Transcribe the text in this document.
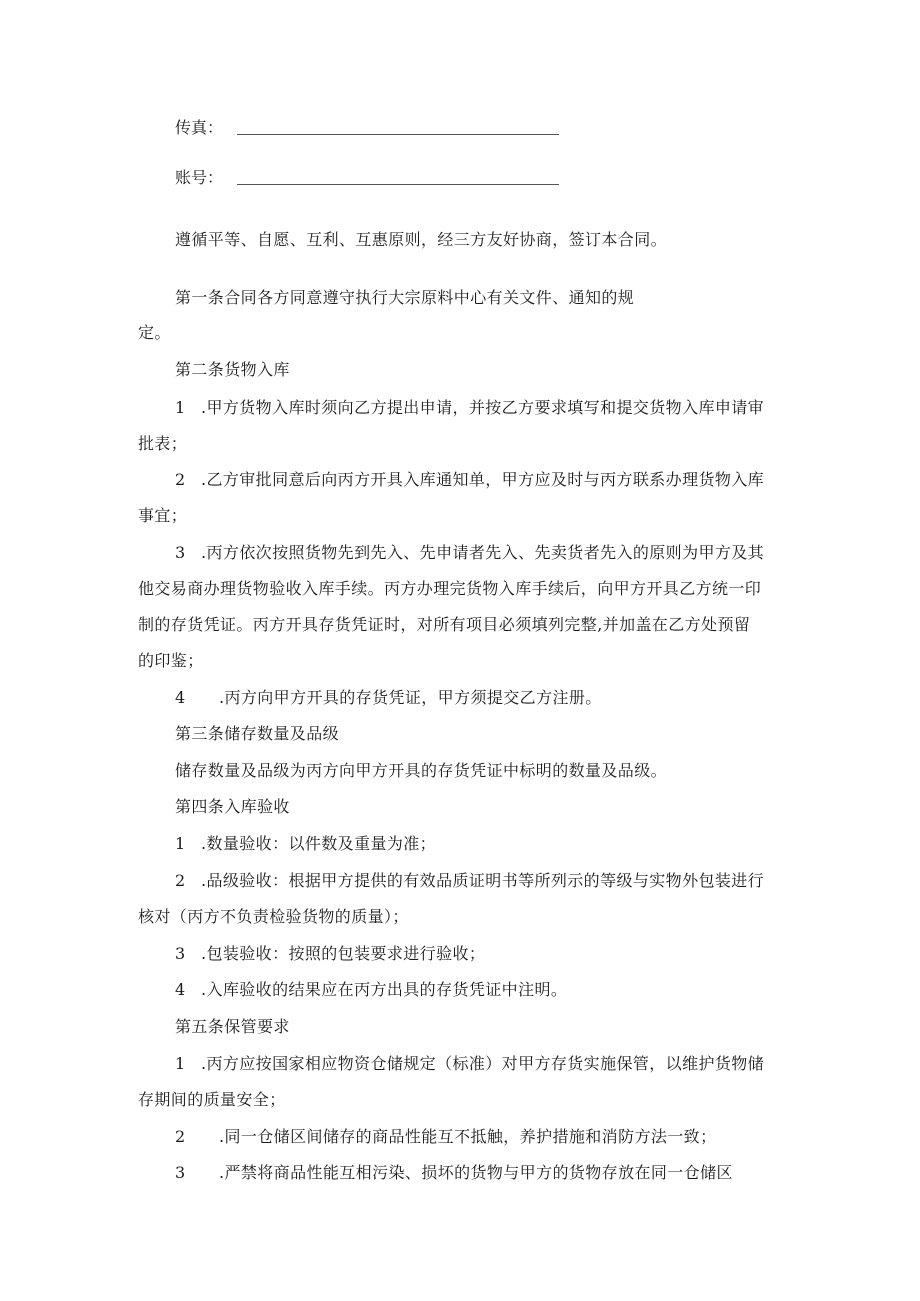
传真：
账号：
遵循平等、自愿、互利、互惠原则，经三方友好协商，签订本合同。
第一条合同各方同意遵守执行大宗原料中心有关文件、通知的规
定。
第二条货物入库
1 .甲方货物入库时须向乙方提出申请，并按乙方要求填写和提交货物入库申请审
批表；
2 .乙方审批同意后向丙方开具入库通知单，甲方应及时与丙方联系办理货物入库
事宜；
3 .丙方依次按照货物先到先入、先申请者先入、先卖货者先入的原则为甲方及其
他交易商办理货物验收入库手续。丙方办理完货物入库手续后，向甲方开具乙方统一印
制的存货凭证。丙方开具存货凭证时，对所有项目必须填列完整,并加盖在乙方处预留
的印鉴；
4 .丙方向甲方开具的存货凭证，甲方须提交乙方注册。
第三条储存数量及品级
储存数量及品级为丙方向甲方开具的存货凭证中标明的数量及品级。
第四条入库验收
1 .数量验收：以件数及重量为准；
2 .品级验收：根据甲方提供的有效品质证明书等所列示的等级与实物外包装进行
核对（丙方不负责检验货物的质量）；
3 .包装验收：按照的包装要求进行验收；
4 .入库验收的结果应在丙方出具的存货凭证中注明。
第五条保管要求
1 .丙方应按国家相应物资仓储规定（标准）对甲方存货实施保管，以维护货物储
存期间的质量安全；
2 .同一仓储区间储存的商品性能互不抵触，养护措施和消防方法一致；
3 .严禁将商品性能互相污染、损坏的货物与甲方的货物存放在同一仓储区
